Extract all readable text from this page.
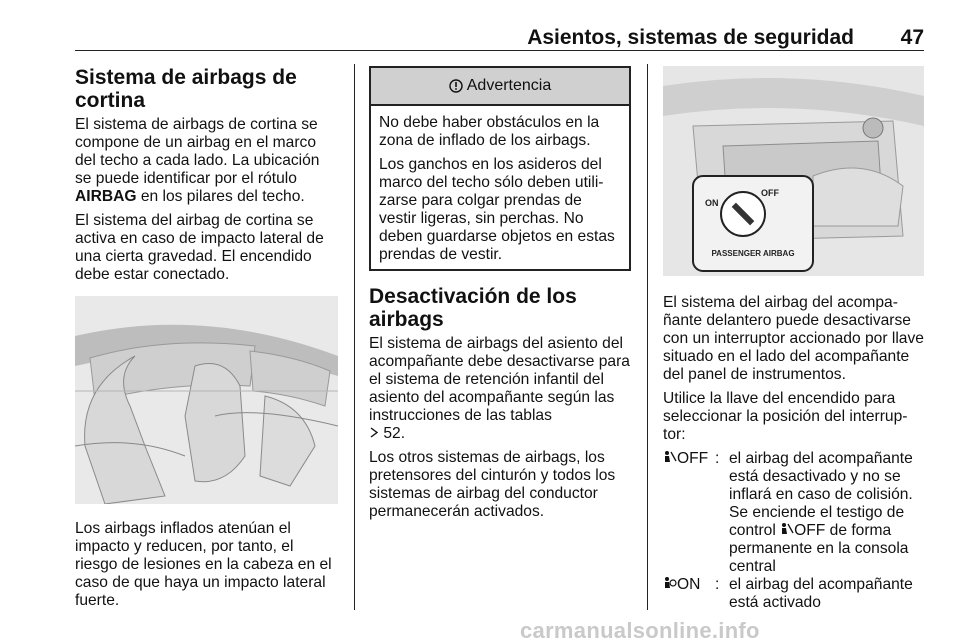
Asientos, sistemas de seguridad 47
Sistema de airbags de cortina

El sistema de airbags de cortina se compone de un airbag en el marco del techo a cada lado. La ubicación se puede identificar por el rótulo AIRBAG en los pilares del techo.

El sistema del airbag de cortina se activa en caso de impacto lateral de una cierta gravedad. El encendido debe estar conectado.

Los airbags inflados atenúan el impacto y reducen, por tanto, el riesgo de lesiones en la cabeza en el caso de que haya un impacto lateral fuerte.

Advertencia

No debe haber obstáculos en la zona de inflado de los airbags.

Los ganchos en los asideros del marco del techo sólo deben utili- zarse para colgar prendas de vestir ligeras, sin perchas. No deben guardarse objetos en estas prendas de vestir.

Desactivación de los airbags

El sistema de airbags del asiento del acompañante debe desactivarse para el sistema de retención infantil del asiento del acompañante según las instrucciones de las tablas
52.

Los otros sistemas de airbags, los pretensores del cinturón y todos los sistemas de airbag del conductor permanecerán activados.

ON
OFF
PASSENGER AIRBAG

El sistema del airbag del acompa- ñante delantero puede desactivarse con un interruptor accionado por llave situado en el lado del acompañante del panel de instrumentos.

Utilice la llave del encendido para seleccionar la posición del interrup- tor:

OFF : el airbag del acompañante está desactivado y no se inflará en caso de colisión. Se enciende el testigo de control OFF de forma permanente en la consola central
ON : el airbag del acompañante está activado
carmanualsonline.info
